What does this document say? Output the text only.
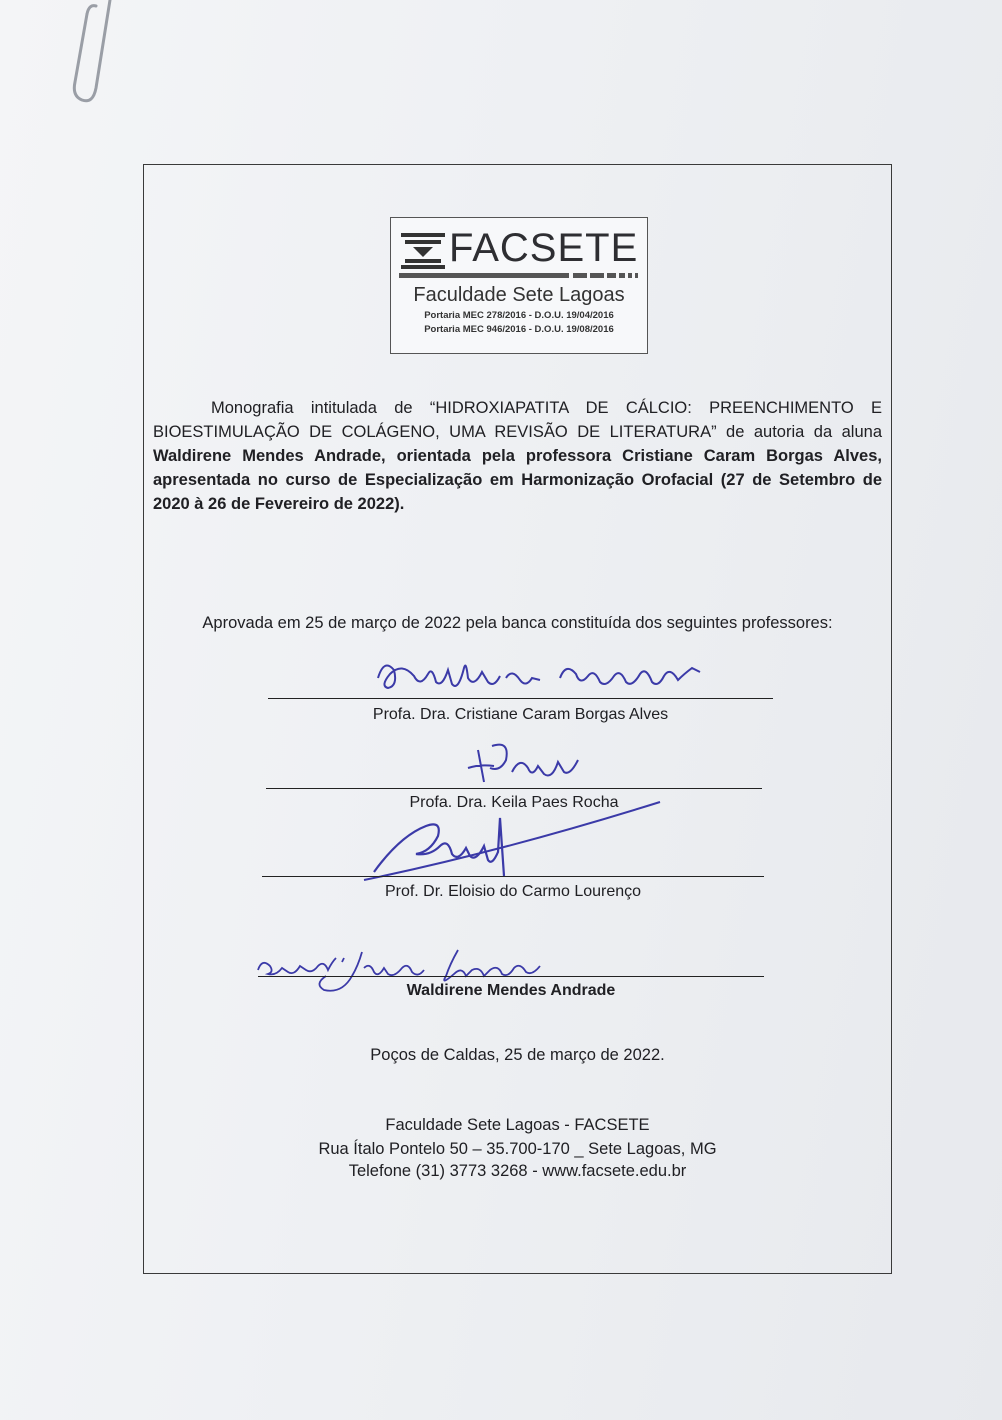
FACSETE
Faculdade Sete Lagoas
Portaria MEC 278/2016 - D.O.U. 19/04/2016
Portaria MEC 946/2016 - D.O.U. 19/08/2016
Monografia intitulada de “HIDROXIAPATITA DE CÁLCIO: PREENCHIMENTO E BIOESTIMULAÇÃO DE COLÁGENO, UMA REVISÃO DE LITERATURA” de autoria da aluna Waldirene Mendes Andrade, orientada pela professora Cristiane Caram Borgas Alves, apresentada no curso de Especialização em Harmonização Orofacial (27 de Setembro de 2020 à 26 de Fevereiro de 2022).
Aprovada em 25 de março de 2022 pela banca constituída dos seguintes professores:
Profa. Dra. Cristiane Caram Borgas Alves
Profa. Dra. Keila Paes Rocha
Prof. Dr. Eloisio do Carmo Lourenço
Waldirene Mendes Andrade
Poços de Caldas, 25 de março de 2022.
Faculdade Sete Lagoas - FACSETE
Rua Ítalo Pontelo 50 – 35.700-170 _ Sete Lagoas, MG
Telefone (31) 3773 3268 - www.facsete.edu.br
